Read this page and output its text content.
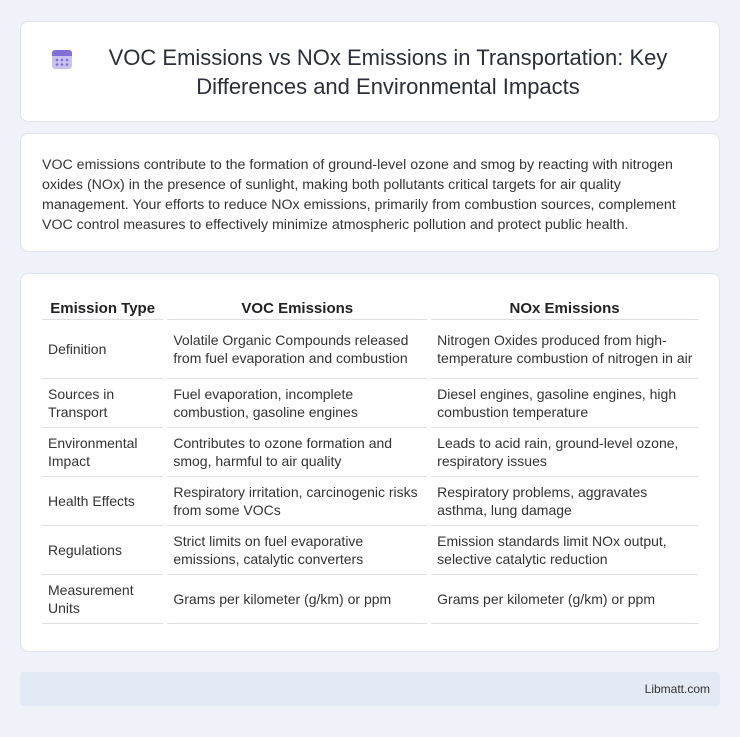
VOC Emissions vs NOx Emissions in Transportation: Key Differences and Environmental Impacts

VOC emissions contribute to the formation of ground-level ozone and smog by reacting with nitrogen oxides (NOx) in the presence of sunlight, making both pollutants critical targets for air quality management. Your efforts to reduce NOx emissions, primarily from combustion sources, complement VOC control measures to effectively minimize atmospheric pollution and protect public health.

Emission Type	VOC Emissions	NOx Emissions
Definition	Volatile Organic Compounds released from fuel evaporation and combustion	Nitrogen Oxides produced from high-temperature combustion of nitrogen in air
Sources in Transport	Fuel evaporation, incomplete combustion, gasoline engines	Diesel engines, gasoline engines, high combustion temperature
Environmental Impact	Contributes to ozone formation and smog, harmful to air quality	Leads to acid rain, ground-level ozone, respiratory issues
Health Effects	Respiratory irritation, carcinogenic risks from some VOCs	Respiratory problems, aggravates asthma, lung damage
Regulations	Strict limits on fuel evaporative emissions, catalytic converters	Emission standards limit NOx output, selective catalytic reduction
Measurement Units	Grams per kilometer (g/km) or ppm	Grams per kilometer (g/km) or ppm
Libmatt.com
